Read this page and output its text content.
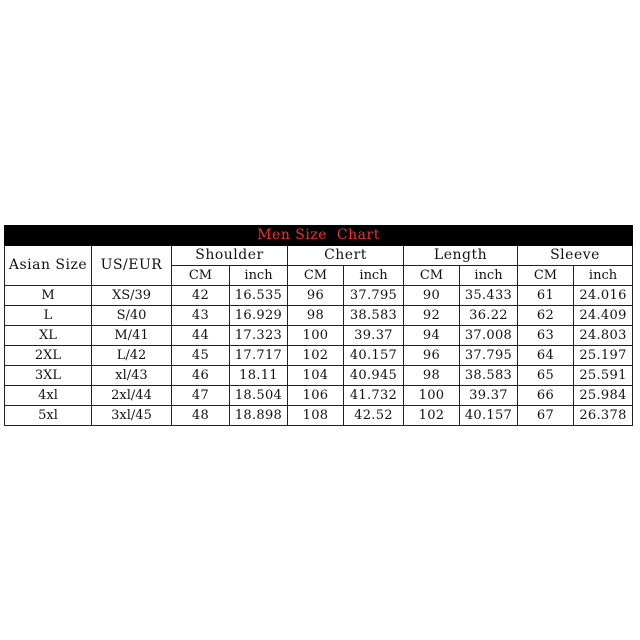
Men Size  Chart									
Asian Size	US/EUR	Shoulder		Chert		Length		Sleeve	
		CM	inch	CM	inch	CM	inch	CM	inch
M	XS/39	42	16.535	96	37.795	90	35.433	61	24.016
L	S/40	43	16.929	98	38.583	92	36.22	62	24.409
XL	M/41	44	17.323	100	39.37	94	37.008	63	24.803
2XL	L/42	45	17.717	102	40.157	96	37.795	64	25.197
3XL	xl/43	46	18.11	104	40.945	98	38.583	65	25.591
4xl	2xl/44	47	18.504	106	41.732	100	39.37	66	25.984
5xl	3xl/45	48	18.898	108	42.52	102	40.157	67	26.378
